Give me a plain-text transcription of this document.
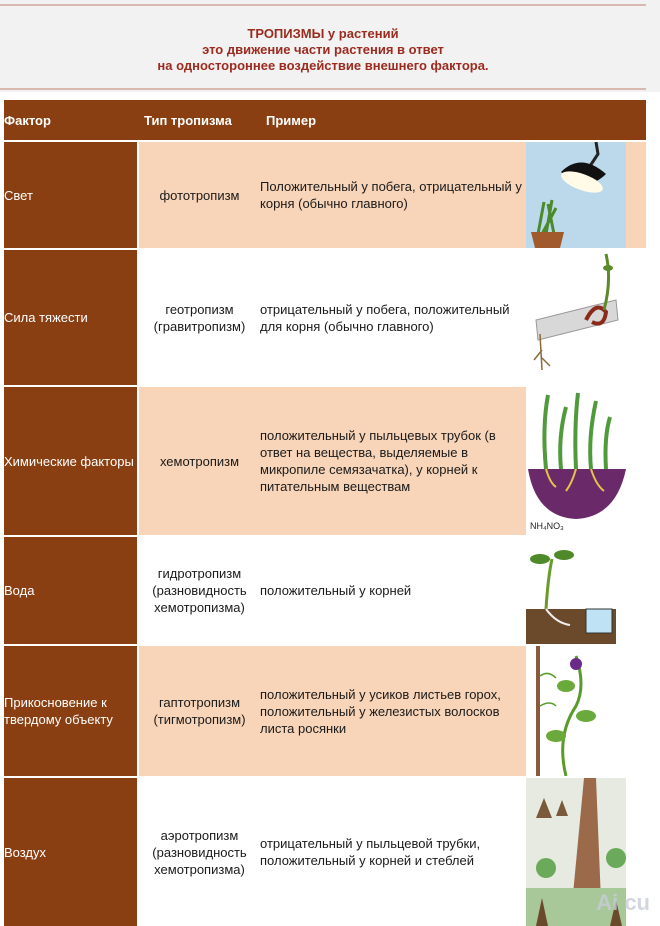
ТРОПИЗМЫ у растений
это движение части растения в ответ
на одностороннее воздействие внешнего фактора.
Фактор	Тип тропизма	Пример	
Свет	фототропизм	Положительный у побега, отрицательный у корня (обычно главного)	

Сила тяжести	геотропизм (гравитропизм)	отрицательный у побега, положительный для корня (обычно главного)	

Химические факторы	хемотропизм	положительный у пыльцевых трубок (в ответ на вещества, выделяемые в микропиле семязачатка), у корней к питательным веществам	NH₄NO₃

Вода	гидротропизм (разновидность хемотропизма)	положительный у корней	

Прикосновение к твердому объекту	гаптотропизм (тигмотропизм)	положительный у усиков листьев горох, положительный у железистых волосков листа росянки	

Воздух	аэротропизм (разновидность хемотропизма)	отрицательный у пыльцевой трубки, положительный у корней и стеблей	
Ai cu
